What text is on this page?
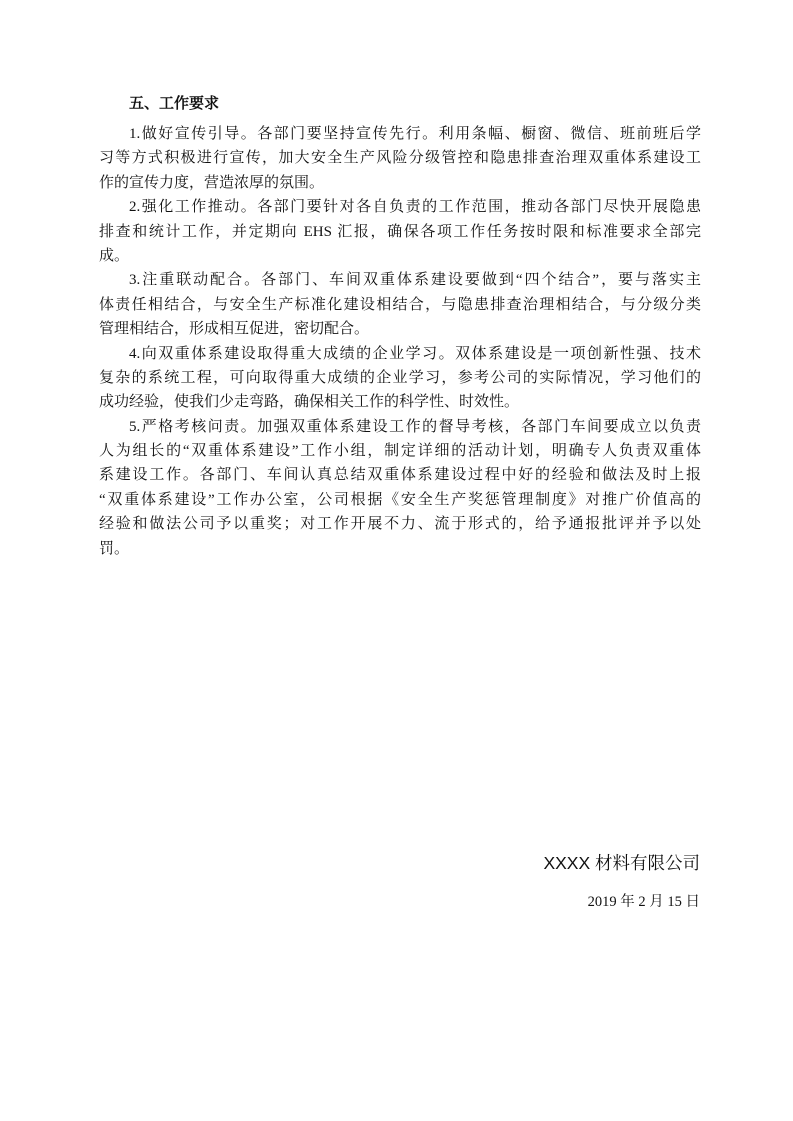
五、工作要求
1.做好宣传引导。各部门要坚持宣传先行。利用条幅、橱窗、微信、班前班后学
习等方式积极进行宣传，加大安全生产风险分级管控和隐患排查治理双重体系建设工
作的宣传力度，营造浓厚的氛围。
2.强化工作推动。各部门要针对各自负责的工作范围，推动各部门尽快开展隐患
排查和统计工作，并定期向 EHS 汇报，确保各项工作任务按时限和标准要求全部完
成。
3.注重联动配合。各部门、车间双重体系建设要做到“四个结合”，要与落实主
体责任相结合，与安全生产标准化建设相结合，与隐患排查治理相结合，与分级分类
管理相结合，形成相互促进，密切配合。
4.向双重体系建设取得重大成绩的企业学习。双体系建设是一项创新性强、技术
复杂的系统工程，可向取得重大成绩的企业学习，参考公司的实际情况，学习他们的
成功经验，使我们少走弯路，确保相关工作的科学性、时效性。
5.严格考核问责。加强双重体系建设工作的督导考核，各部门车间要成立以负责
人为组长的“双重体系建设”工作小组，制定详细的活动计划，明确专人负责双重体
系建设工作。各部门、车间认真总结双重体系建设过程中好的经验和做法及时上报
“双重体系建设”工作办公室，公司根据《安全生产奖惩管理制度》对推广价值高的
经验和做法公司予以重奖；对工作开展不力、流于形式的，给予通报批评并予以处
罚。
XXXX 材料有限公司
2019 年 2 月 15 日
